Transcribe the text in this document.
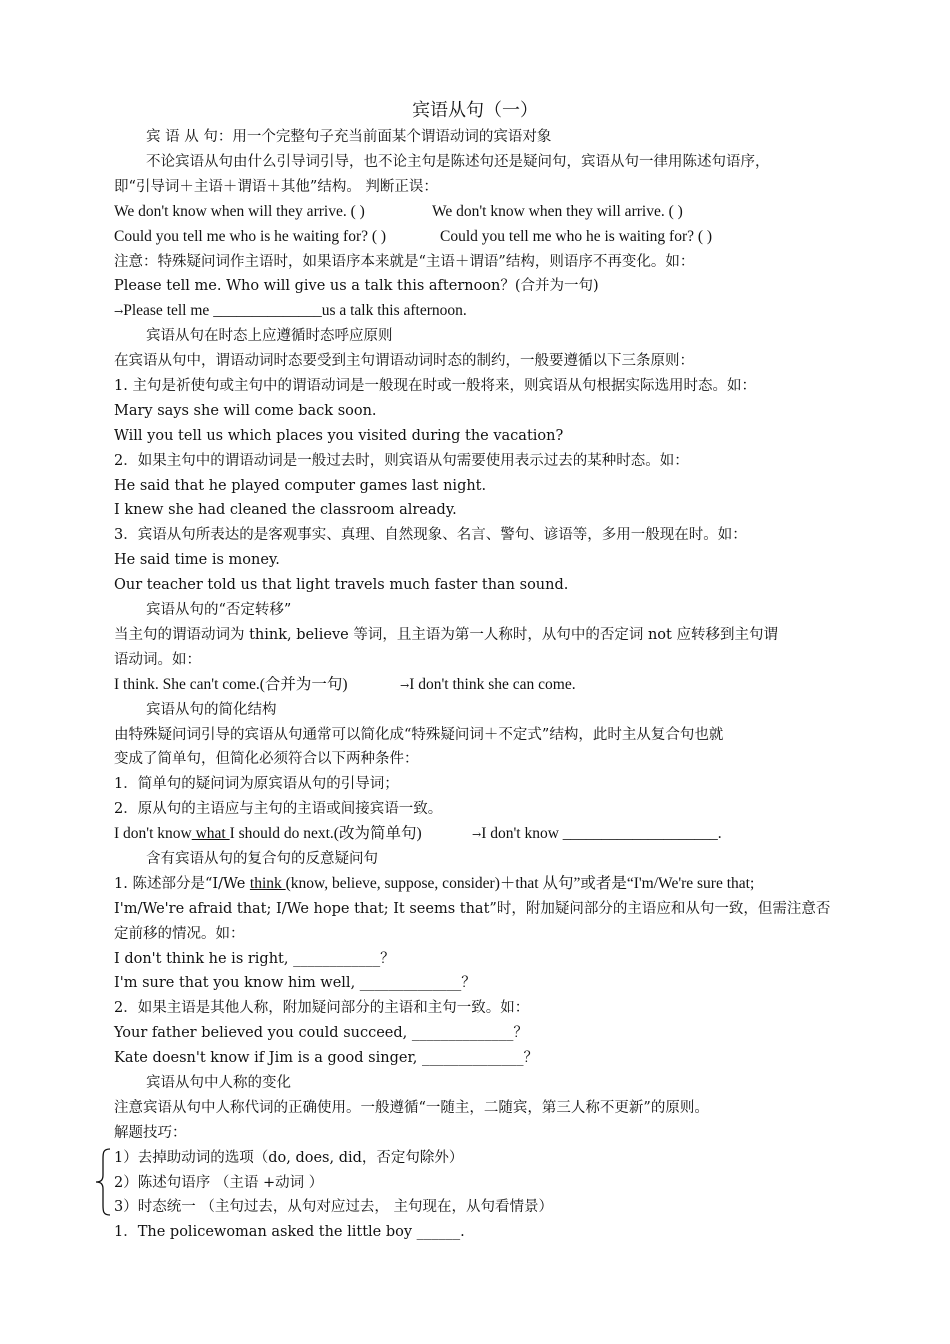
宾语从句（一）
宾 语 从 句：用一个完整句子充当前面某个谓语动词的宾语对象
不论宾语从句由什么引导词引导，也不论主句是陈述句还是疑问句，宾语从句一律用陈述句语序，
即“引导词＋主语＋谓语＋其他”结构。 判断正误：
We don't know when will they arrive. ( )	We don't know when they will arrive. ( )
Could you tell me who is he waiting for? ( )	Could you tell me who he is waiting for? ( )
注意：特殊疑问词作主语时，如果语序本来就是“主语＋谓语”结构，则语序不再变化。如：
Please tell me. Who will give us a talk this afternoon？(合并为一句)
→Please tell me ______________us a talk this afternoon.
宾语从句在时态上应遵循时态呼应原则
在宾语从句中，谓语动词时态要受到主句谓语动词时态的制约，一般要遵循以下三条原则：
1. 主句是祈使句或主句中的谓语动词是一般现在时或一般将来，则宾语从句根据实际选用时态。如：
Mary says she will come back soon.
Will you tell us which places you visited during the vacation?
2．如果主句中的谓语动词是一般过去时，则宾语从句需要使用表示过去的某种时态。如：
He said that he played computer games last night.
I knew she had cleaned the classroom already.
3．宾语从句所表达的是客观事实、真理、自然现象、名言、警句、谚语等，多用一般现在时。如：
He said time is money.
Our teacher told us that light travels much faster than sound.
宾语从句的“否定转移”
当主句的谓语动词为 think, believe 等词，且主语为第一人称时，从句中的否定词 not 应转移到主句谓
语动词。如：
I think. She can't come.(合并为一句)	→I don't think she can come.
宾语从句的简化结构
由特殊疑问词引导的宾语从句通常可以简化成“特殊疑问词＋不定式”结构，此时主从复合句也就
变成了简单句，但简化必须符合以下两种条件：
1．简单句的疑问词为原宾语从句的引导词；
2．原从句的主语应与主句的主语或间接宾语一致。
I don't know what I should do next.(改为简单句)	→I don't know ____________________.
含有宾语从句的复合句的反意疑问句
1. 陈述部分是“I/We think (know, believe, suppose, consider)＋that 从句”或者是“I'm/We're sure that;
I'm/We're afraid that; I/We hope that; It seems that”时，附加疑问部分的主语应和从句一致，但需注意否
定前移的情况。如：
I don't think he is right, ____________？
I'm sure that you know him well, ______________？
2．如果主语是其他人称，附加疑问部分的主语和主句一致。如：
Your father believed you could succeed, ______________？
Kate doesn't know if Jim is a good singer, ______________？
宾语从句中人称的变化
注意宾语从句中人称代词的正确使用。一般遵循“一随主，二随宾，第三人称不更新”的原则。
解题技巧：
1）去掉助动词的选项（do, does, did，否定句除外）
2）陈述句语序 （主语 +动词 ）
3）时态统一 （主句过去，从句对应过去， 主句现在，从句看情景）
1．The policewoman asked the little boy ______.
